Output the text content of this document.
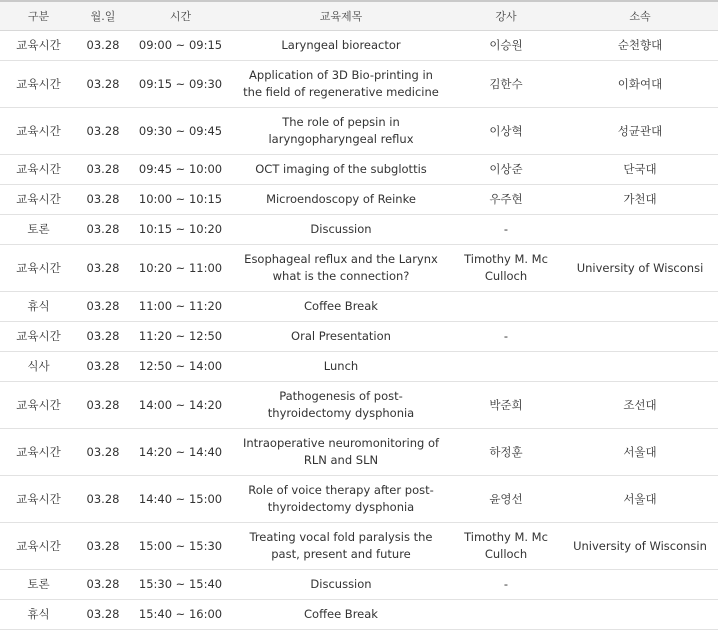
구분	월.일	시간	교육제목	강사	소속
교육시간	03.28	09:00 ~ 09:15	Laryngeal bioreactor	이승원	순천향대
교육시간	03.28	09:15 ~ 09:30	Application of 3D Bio-printing in the field of regenerative medicine	김한수	이화여대
교육시간	03.28	09:30 ~ 09:45	The role of pepsin in laryngopharyngeal reflux	이상혁	성균관대
교육시간	03.28	09:45 ~ 10:00	OCT imaging of the subglottis	이상준	단국대
교육시간	03.28	10:00 ~ 10:15	Microendoscopy of Reinke	우주현	가천대
토론	03.28	10:15 ~ 10:20	Discussion	-	
교육시간	03.28	10:20 ~ 11:00	Esophageal reflux and the Larynx what is the connection?	Timothy M. Mc Culloch	University of Wisconsi
휴식	03.28	11:00 ~ 11:20	Coffee Break		
교육시간	03.28	11:20 ~ 12:50	Oral Presentation	-	
식사	03.28	12:50 ~ 14:00	Lunch		
교육시간	03.28	14:00 ~ 14:20	Pathogenesis of post-thyroidectomy dysphonia	박준희	조선대
교육시간	03.28	14:20 ~ 14:40	Intraoperative neuromonitoring of RLN and SLN	하정훈	서울대
교육시간	03.28	14:40 ~ 15:00	Role of voice therapy after post-thyroidectomy dysphonia	윤영선	서울대
교육시간	03.28	15:00 ~ 15:30	Treating vocal fold paralysis the past, present and future	Timothy M. Mc Culloch	University of Wisconsin
토론	03.28	15:30 ~ 15:40	Discussion	-	
휴식	03.28	15:40 ~ 16:00	Coffee Break		
